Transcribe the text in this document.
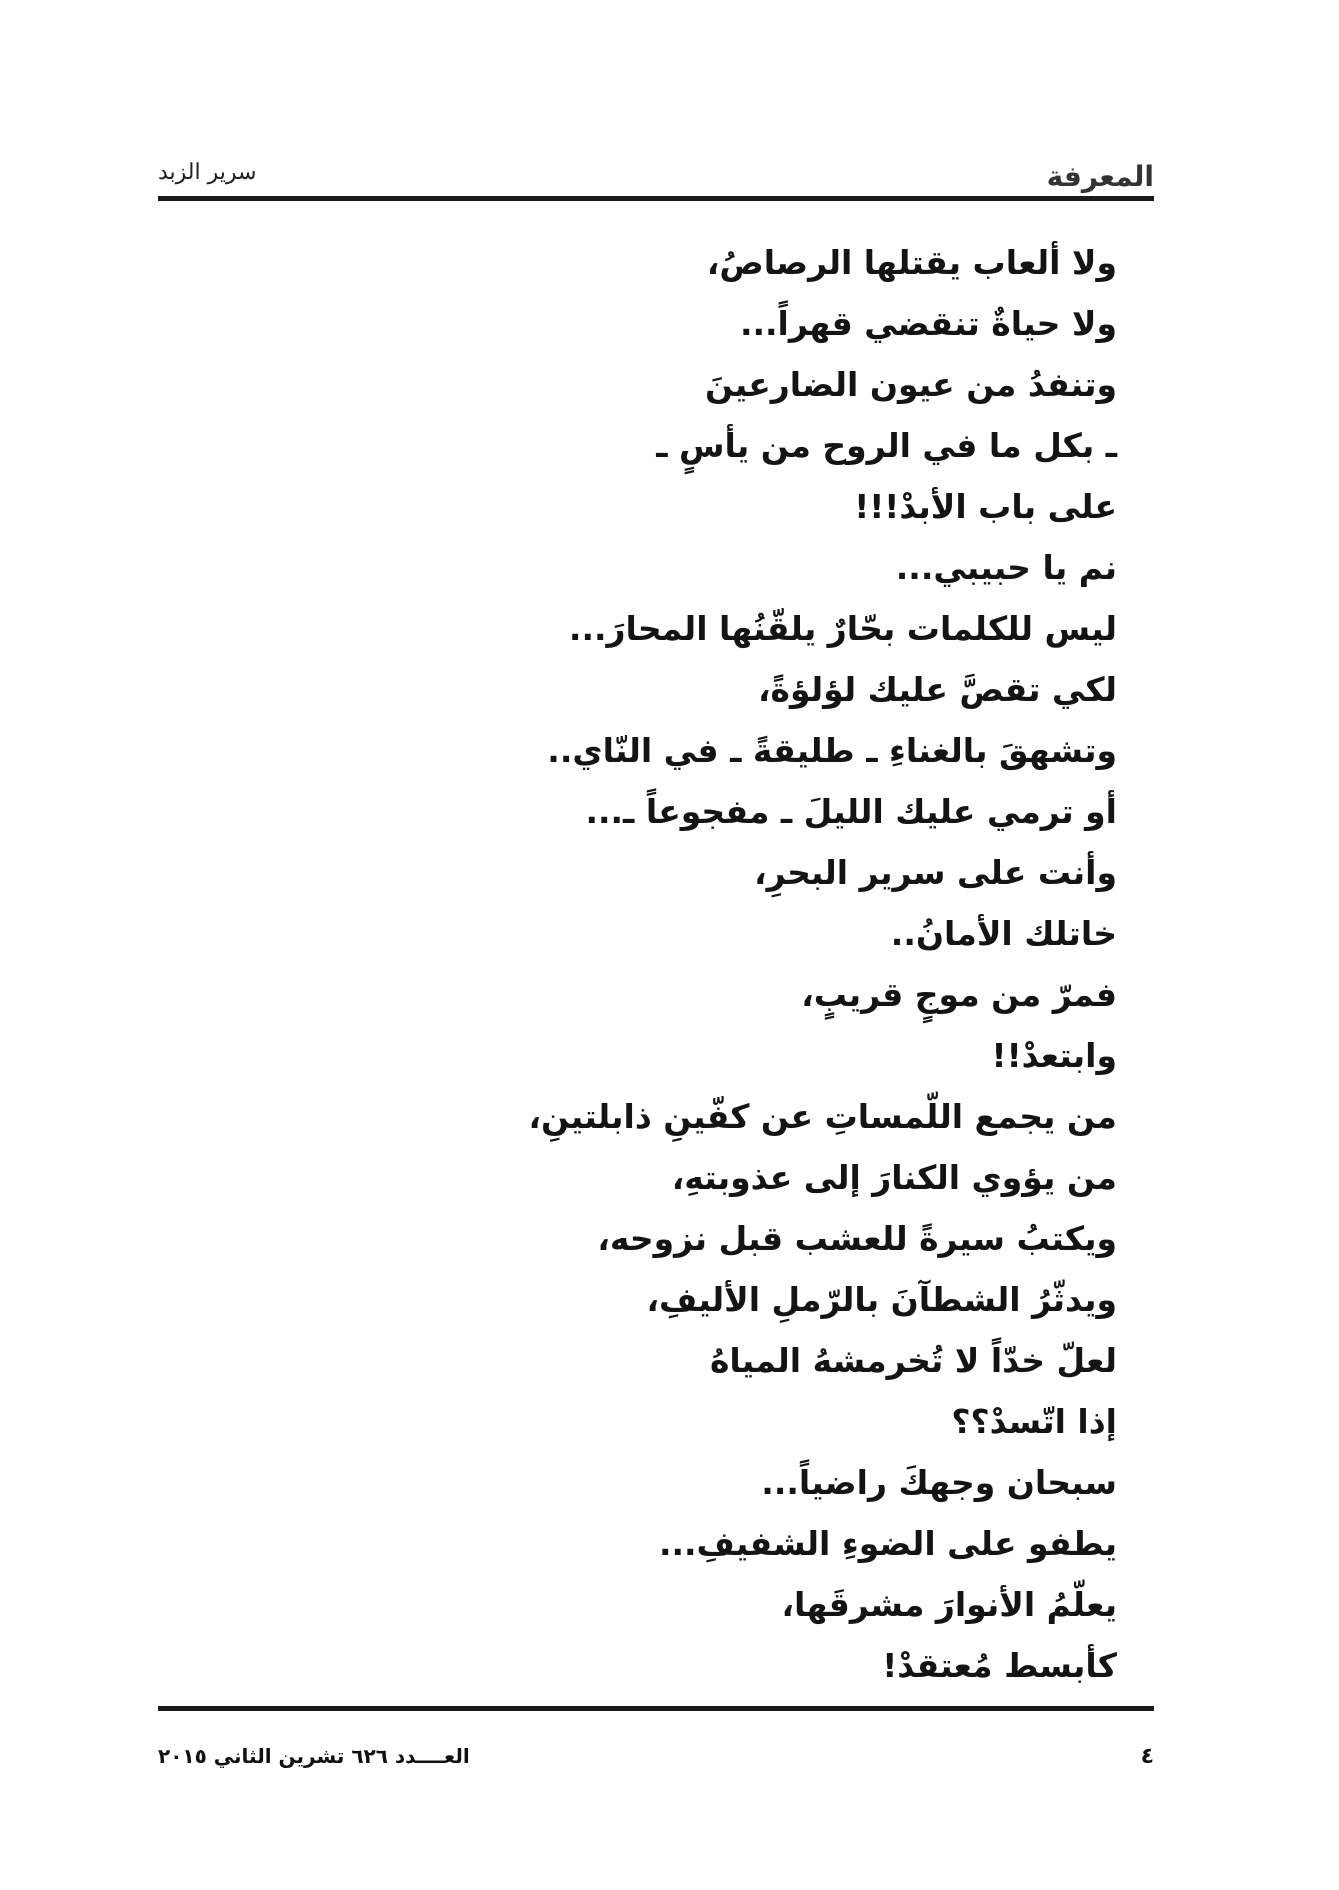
المعرفة
سرير الزبد
ولا ألعاب يقتلها الرصاصُ،
ولا حياةٌ تنقضي قهراً...
وتنفدُ من عيون الضارعينَ
ـ بكل ما في الروح من يأسٍ ـ
على باب الأبدْ!!!
نم يا حبيبي...
ليس للكلمات بحّارٌ يلقّنُها المحارَ...
لكي تقصَّ عليك لؤلؤةً،
وتشهقَ بالغناءِ ـ طليقةً ـ في النّاي..
أو ترمي عليك الليلَ ـ مفجوعاً ـ...
وأنت على سرير البحرِ،
خاتلك الأمانُ..
فمرّ من موجٍ قريبٍ،
وابتعدْ!!
من يجمع اللّمساتِ عن كفّينِ ذابلتينِ،
من يؤوي الكنارَ إلى عذوبتهِ،
ويكتبُ سيرةً للعشب قبل نزوحه،
ويدثّرُ الشطآنَ بالرّملِ الأليفِ،
لعلّ خدّاً لا تُخرمشهُ المياهُ
إذا اتّسدْ؟؟
سبحان وجهكَ راضياً...
يطفو على الضوءِ الشفيفِ...
يعلّمُ الأنوارَ مشرقَها،
كأبسط مُعتقدْ!
٤
العــــدد ٦٢٦ تشرين الثاني ٢٠١٥
